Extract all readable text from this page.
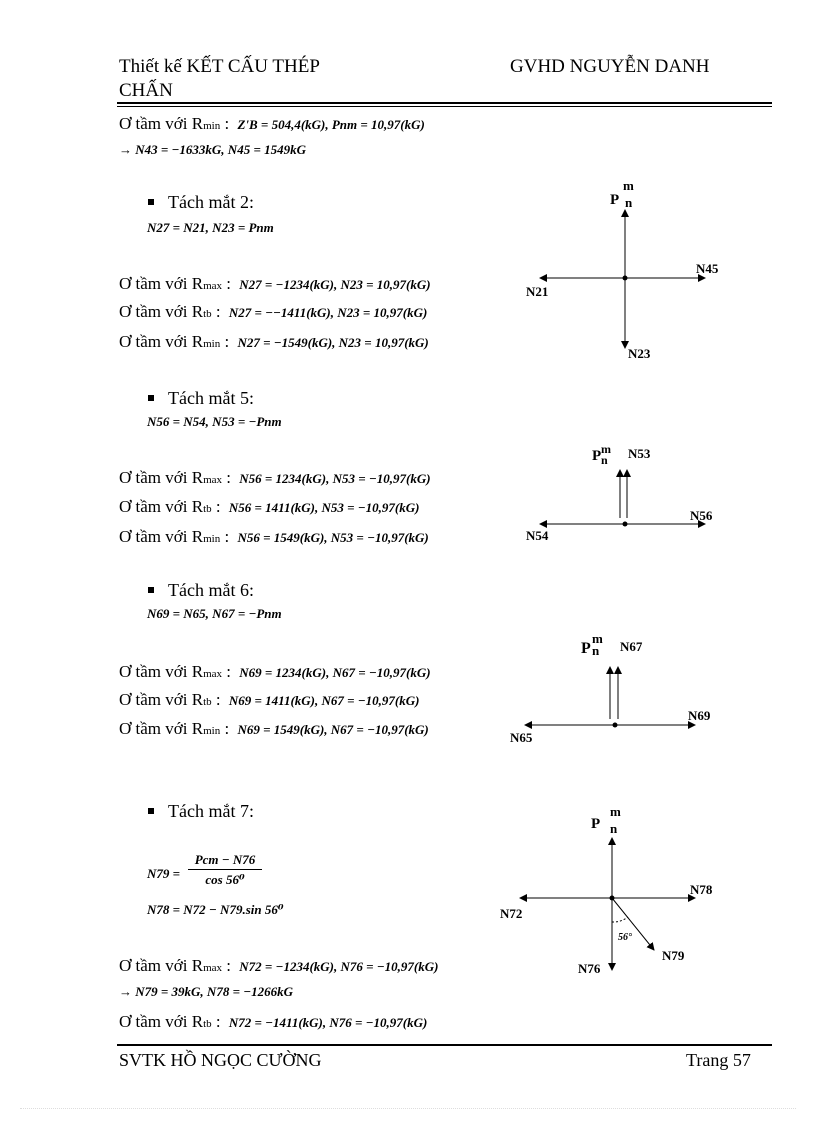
Thiết kế KẾT CẤU THÉP
CHẤN
GVHD NGUYỄN DANH
Ơ tầm với Rmin : Z'B = 504,4(kG), Pnm = 10,97(kG)
→ N43 = −1633kG, N45 = 1549kG
Tách mắt 2:
N27 = N21, N23 = Pnm
Ơ tầm với Rmax : N27 = −1234(kG), N23 = 10,97(kG)
Ơ tầm với Rtb : N27 = −−1411(kG), N23 = 10,97(kG)
Ơ tầm với Rmin : N27 = −1549(kG), N23 = 10,97(kG)
P
m
n
N45
N21
N23
Tách mắt 5:
N56 = N54, N53 = −Pnm
Ơ tầm với Rmax : N56 = 1234(kG), N53 = −10,97(kG)
Ơ tầm với Rtb : N56 = 1411(kG), N53 = −10,97(kG)
Ơ tầm với Rmin : N56 = 1549(kG), N53 = −10,97(kG)
P m
n N53
N56
N54
Tách mắt 6:
N69 = N65, N67 = −Pnm
Ơ tầm với Rmax : N69 = 1234(kG), N67 = −10,97(kG)
Ơ tầm với Rtb : N69 = 1411(kG), N67 = −10,97(kG)
Ơ tầm với Rmin : N69 = 1549(kG), N67 = −10,97(kG)
P
m
n N67
N69
N65
Tách mắt 7:
N79 =
Pcm − N76
cos 56⁰
N78 = N72 − N79.sin 56⁰
Ơ tầm với Rmax : N72 = −1234(kG), N76 = −10,97(kG)
→ N79 = 39kG, N78 = −1266kG
Ơ tầm với Rtb : N72 = −1411(kG), N76 = −10,97(kG)
P
m
n
N78
N72
N76
N79
56°
SVTK HỒ NGỌC CƯỜNG	Trang 57
